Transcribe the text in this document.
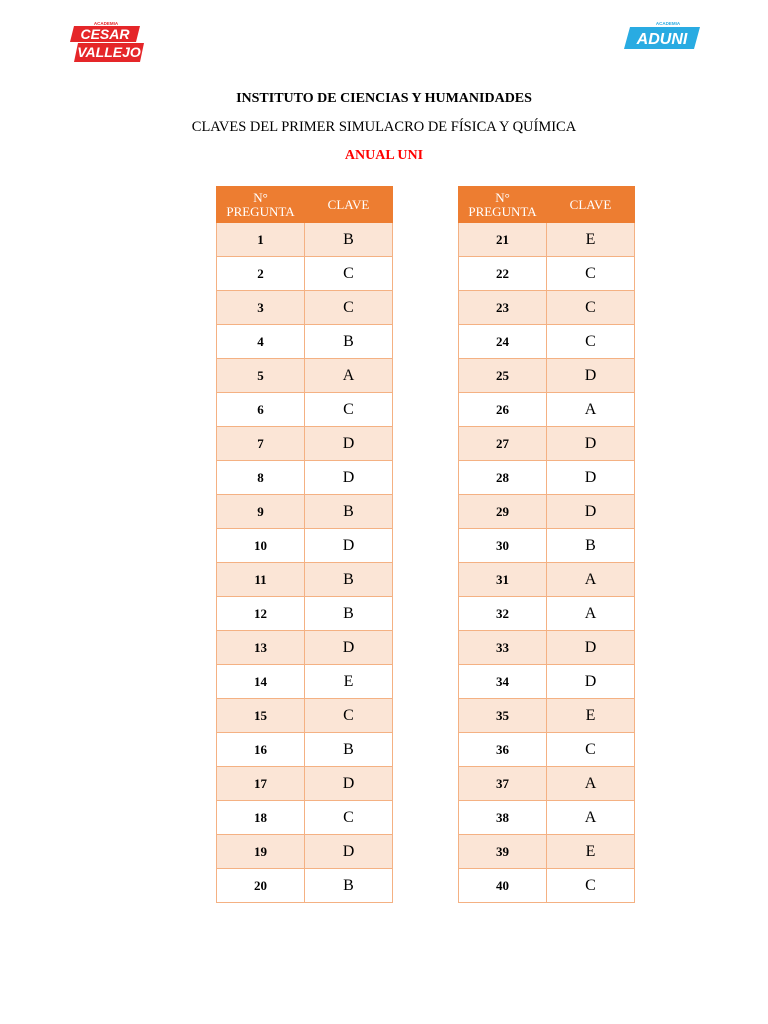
ACADEMIA
CESAR
VALLEJO
ACADEMIA
ADUNI
INSTITUTO DE CIENCIAS Y HUMANIDADES
CLAVES DEL PRIMER SIMULACRO DE FÍSICA Y QUÍMICA
ANUAL UNI
N°
PREGUNTA	CLAVE
1	B
2	C
3	C
4	B
5	A
6	C
7	D
8	D
9	B
10	D
11	B
12	B
13	D
14	E
15	C
16	B
17	D
18	C
19	D
20	B
N°
PREGUNTA	CLAVE
21	E
22	C
23	C
24	C
25	D
26	A
27	D
28	D
29	D
30	B
31	A
32	A
33	D
34	D
35	E
36	C
37	A
38	A
39	E
40	C
